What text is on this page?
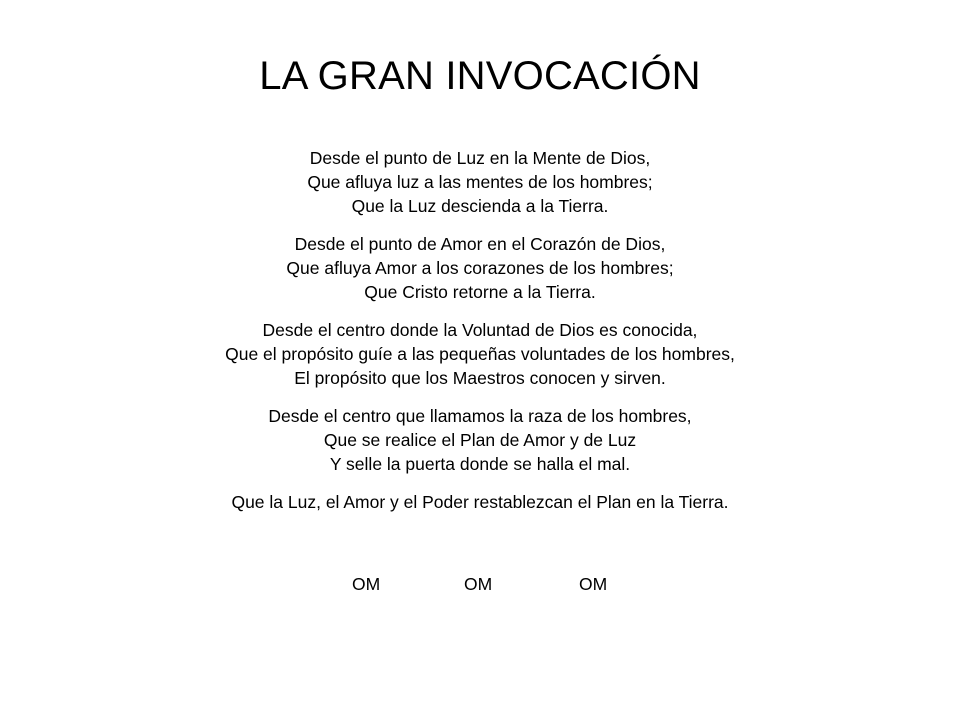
LA GRAN INVOCACIÓN
Desde el punto de Luz en la Mente de Dios,
Que afluya luz a las mentes de los hombres;
Que la Luz descienda a la Tierra.
Desde el punto de Amor en el Corazón de Dios,
Que afluya Amor a los corazones de los hombres;
Que Cristo retorne a la Tierra.
Desde el centro donde la Voluntad de Dios es conocida,
Que el propósito guíe a las pequeñas voluntades de los hombres,
El propósito que los Maestros conocen y sirven.
Desde el centro que llamamos la raza de los hombres,
Que se realice el Plan de Amor y de Luz
Y selle la puerta donde se halla el mal.
Que la Luz, el Amor y el Poder restablezcan el Plan en la Tierra.
OM	OM	OM
